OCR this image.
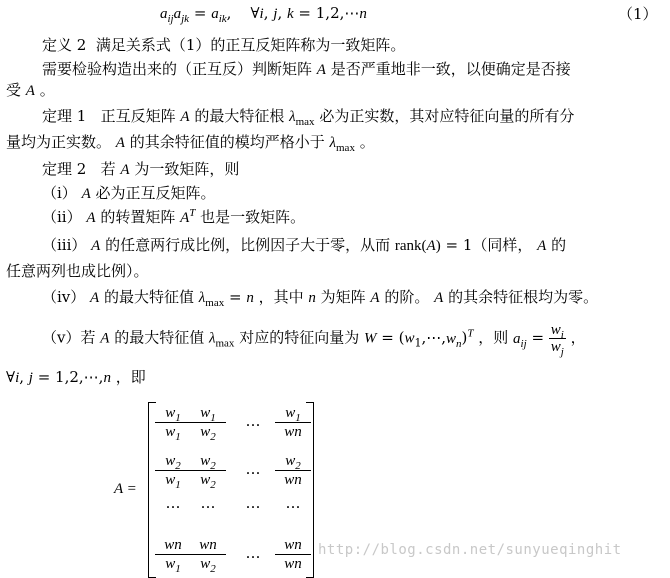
$a_{ij}a_{jk} = a_{ik}$,    ∀i, j, k = 1,2,⋯n	（1）
定义 2 满足关系式（1）的正互反矩阵称为一致矩阵。
需要检验构造出来的（正互反）判断矩阵 A 是否严重地非一致，以便确定是否接
受 A 。
定理 1   正互反矩阵 A 的最大特征根 $\lambda_{max}$ 必为正实数，其对应特征向量的所有分
量均为正实数。 A 的其余特征值的模均严格小于 $\lambda_{max}$ 。
定理 2   若 A 为一致矩阵，则
（i） A 必为正互反矩阵。
（ii） A 的转置矩阵 $A^T$ 也是一致矩阵。
（iii） A 的任意两行成比例，比例因子大于零，从而 rank(A) = 1（同样， A 的
任意两列也成比例）。
（iv） A 的最大特征值 $\lambda_{max} = n$ ，其中 n 为矩阵 A 的阶。 A 的其余特征根均为零。
（v）若 A 的最大特征值 $\lambda_{max}$ 对应的特征向量为 $W = (w_1,\cdots,w_n)^T$ ，则 $a_{ij} = \frac{w_i}{w_j}$ ，
∀i, j = 1,2,⋯,n ，即
A =
$\frac{w_1}{w_1} \frac{w_1}{w_2}$	… $\frac{w_1}{wn}$
$\frac{w_2}{w_1} \frac{w_2}{w_2}$	… $\frac{w_2}{wn}$
…	…	…	…
$\frac{wn}{w_1} \frac{wn}{w_2}$	… $\frac{wn}{wn}$ http://blog.csdn.net/sunyueqinghit
